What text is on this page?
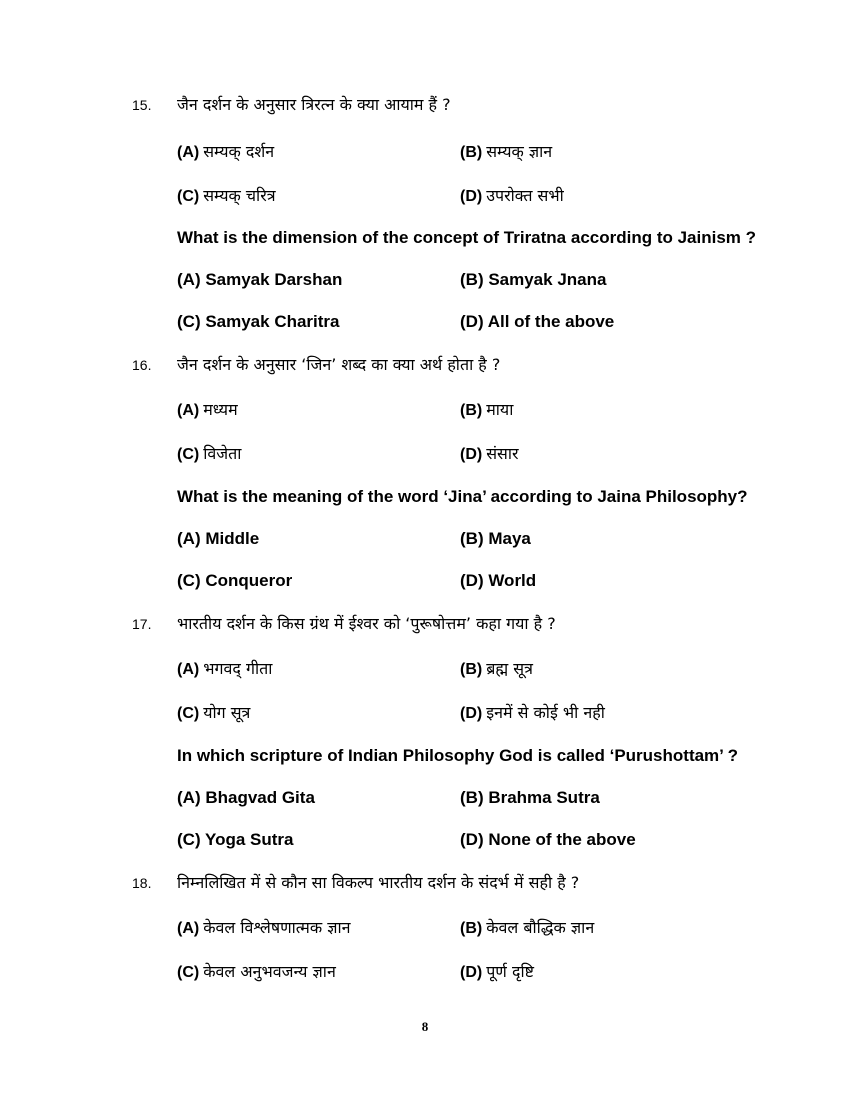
15. जैन दर्शन के अनुसार त्रिरत्न के क्या आयाम हैं ?
(A) सम्यक् दर्शन	(B) सम्यक् ज्ञान
(C) सम्यक् चरित्र	(D) उपरोक्त सभी
What is the dimension of the concept of Triratna according to Jainism ?
(A) Samyak Darshan	(B) Samyak Jnana
(C) Samyak Charitra	(D) All of the above
16. जैन दर्शन के अनुसार ‘जिन’ शब्द का क्या अर्थ होता है ?
(A) मध्यम	(B) माया
(C) विजेता	(D) संसार
What is the meaning of the word ‘Jina’ according to Jaina Philosophy?
(A) Middle	(B) Maya
(C) Conqueror	(D) World
17. भारतीय दर्शन के किस ग्रंथ में ईश्वर को ‘पुरूषोत्तम’ कहा गया है ?
(A) भगवद् गीता	(B) ब्रह्म सूत्र
(C) योग सूत्र	(D) इनमें से कोई भी नही
In which scripture of Indian Philosophy God is called ‘Purushottam’ ?
(A) Bhagvad Gita	(B) Brahma Sutra
(C) Yoga Sutra	(D) None of the above
18. निम्नलिखित में से कौन सा विकल्प भारतीय दर्शन के संदर्भ में सही है ?
(A) केवल विश्लेषणात्मक ज्ञान	(B) केवल बौद्धिक ज्ञान
(C) केवल अनुभवजन्य ज्ञान	(D) पूर्ण दृष्टि
8
